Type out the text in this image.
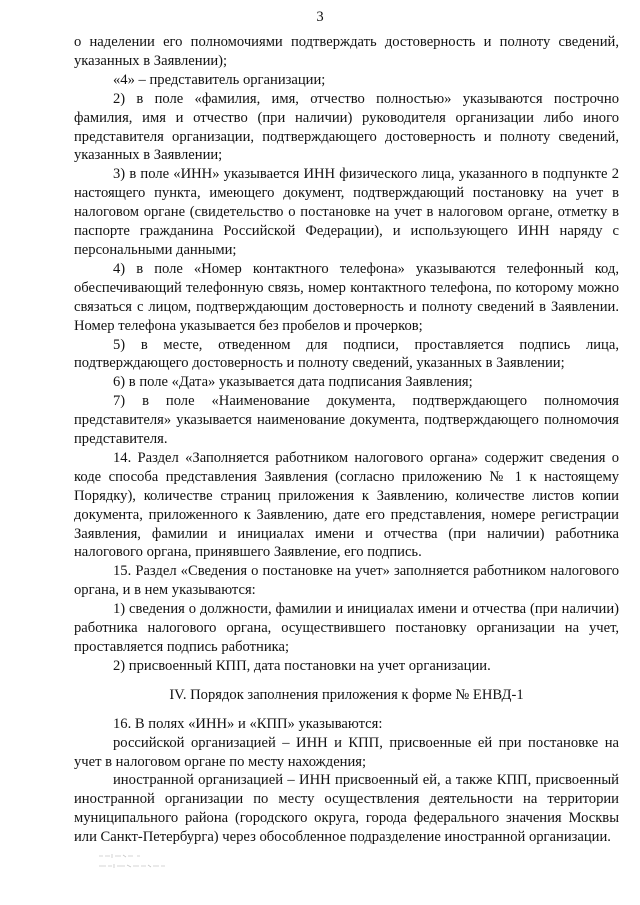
3

о наделении его полномочиями подтверждать достоверность и полноту сведений, указанных в Заявлении);

«4» – представитель организации;

2) в поле «фамилия, имя, отчество полностью» указываются построчно фамилия, имя и отчество (при наличии) руководителя организации либо иного представителя организации, подтверждающего достоверность и полноту сведений, указанных в Заявлении;

3) в поле «ИНН» указывается ИНН физического лица, указанного в подпункте 2 настоящего пункта, имеющего документ, подтверждающий постановку на учет в налоговом органе (свидетельство о постановке на учет в налоговом органе, отметку в паспорте гражданина Российской Федерации), и использующего ИНН наряду с персональными данными;

4) в поле «Номер контактного телефона» указываются телефонный код, обеспечивающий телефонную связь, номер контактного телефона, по которому можно связаться с лицом, подтверждающим достоверность и полноту сведений в Заявлении. Номер телефона указывается без пробелов и прочерков;

5) в месте, отведенном для подписи, проставляется подпись лица, подтверждающего достоверность и полноту сведений, указанных в Заявлении;

6) в поле «Дата» указывается дата подписания Заявления;

7) в поле «Наименование документа, подтверждающего полномочия представителя» указывается наименование документа, подтверждающего полномочия представителя.

14. Раздел «Заполняется работником налогового органа» содержит сведения о коде способа представления Заявления (согласно приложению № 1 к настоящему Порядку), количестве страниц приложения к Заявлению, количестве листов копии документа, приложенного к Заявлению, дате его представления, номере регистрации Заявления, фамилии и инициалах имени и отчества (при наличии) работника налогового органа, принявшего Заявление, его подпись.

15. Раздел «Сведения о постановке на учет» заполняется работником налогового органа, и в нем указываются:

1) сведения о должности, фамилии и инициалах имени и отчества (при наличии) работника налогового органа, осуществившего постановку организации на учет, проставляется подпись работника;

2) присвоенный КПП, дата постановки на учет организации.

IV. Порядок заполнения приложения к форме № ЕНВД-1

16. В полях «ИНН» и «КПП» указываются:

российской организацией – ИНН и КПП, присвоенные ей при постановке на учет в налоговом органе по месту нахождения;

иностранной организацией – ИНН присвоенный ей, а также КПП, присвоенный иностранной организации по месту осуществления деятельности на территории муниципального района (городского округа, города федерального значения Москвы или Санкт-Петербурга) через обособленное подразделение иностранной организации.
